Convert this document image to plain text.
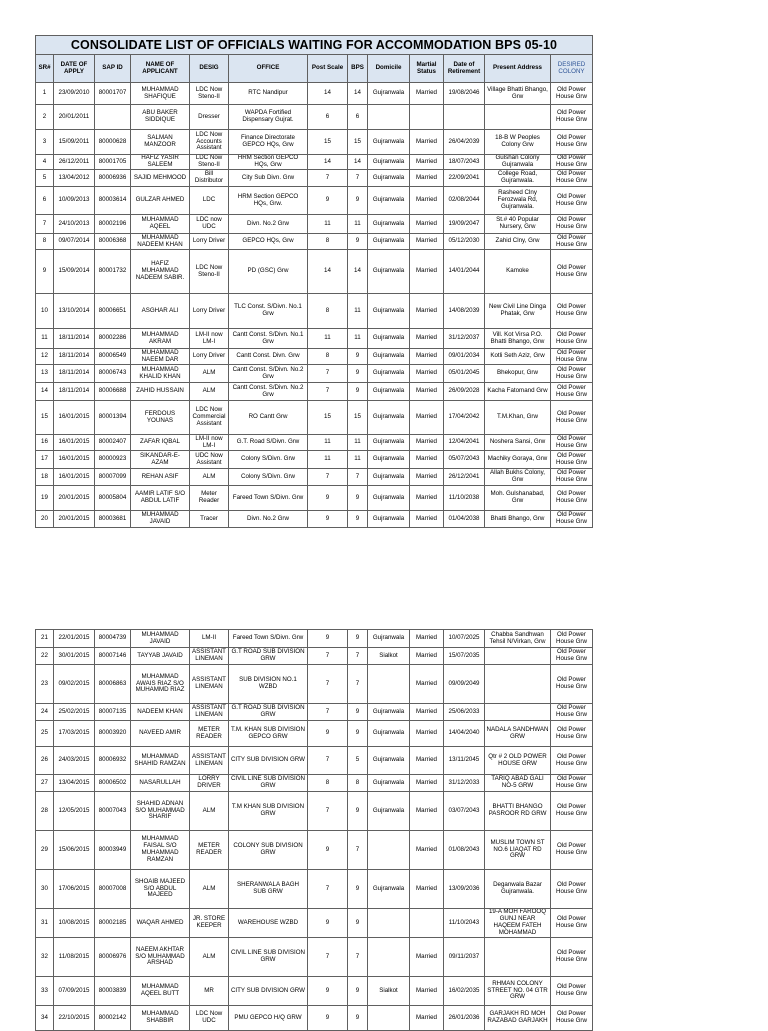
CONSOLIDATE LIST OF OFFICIALS WAITING FOR ACCOMMODATION BPS 05-10												
SR#	DATE OF APPLY	SAP ID	NAME OF APPLICANT	DESIG	OFFICE	Post Scale	BPS	Domicile	Martial Status	Date of Retirement	Present Address	DESIRED COLONY
1	23/09/2010	80001707	MUHAMMAD SHAFIQUE	LDC Now Steno-II	RTC Nandipur	14	14	Gujranwala	Married	19/08/2046	Village Bhatti Bhango, Grw	Old Power House Grw
2	20/01/2011		ABU BAKER SIDDIQUE	Dresser	WAPDA Fortified Dispensary Gujrat.	6	6					Old Power House Grw
3	15/09/2011	80000628	SALMAN MANZOOR	LDC Now Accounts Assistant	Finance Directorate GEPCO HQs, Grw	15	15	Gujranwala	Married	26/04/2039	18-B W Peoples Colony Grw	Old Power House Grw
4	26/12/2011	80001705	HAFIZ YASIR SALEEM	LDC Now Steno-II	HRM Section GEPCO HQs, Grw	14	14	Gujranwala	Married	18/07/2043	Gulshan Colony Gujranwala	Old Power House Grw
5	13/04/2012	80006936	SAJID MEHMOOD	Bill Distributor	City Sub Divn. Grw	7	7	Gujranwala	Married	22/09/2041	College Road, Gujranwala.	Old Power House Grw
6	10/09/2013	80003614	GULZAR AHMED	LDC	HRM Section GEPCO HQs, Grw.	9	9	Gujranwala	Married	02/08/2044	Rasheed Clny Ferozwala Rd, Gujranwala.	Old Power House Grw
7	24/10/2013	80002196	MUHAMMAD AQEEL	LDC now UDC	Divn. No.2 Grw	11	11	Gujranwala	Married	19/09/2047	St.# 40 Popular Nursery, Grw	Old Power House Grw
8	09/07/2014	80006368	MUHAMMAD NADEEM KHAN	Lorry Driver	GEPCO HQs, Grw	8	9	Gujranwala	Married	05/12/2030	Zahid Clny, Grw	Old Power House Grw
9	15/09/2014	80001732	HAFIZ MUHAMMAD NADEEM SABIR.	LDC Now Steno-II	PD (GSC) Grw	14	14	Gujranwala	Married	14/01/2044	Kamoke	Old Power House Grw
10	13/10/2014	80006651	ASGHAR ALI	Lorry Driver	TLC Const. S/Divn. No.1 Grw	8	11	Gujranwala	Married	14/08/2039	New Civil Line Dinga Phatak, Grw	Old Power House Grw
11	18/11/2014	80002286	MUHAMMAD AKRAM	LM-II now LM-I	Cantt Const. S/Divn. No.1 Grw	11	11	Gujranwala	Married	31/12/2037	Vill. Kot Virsa P.O. Bhatti Bhango, Grw	Old Power House Grw
12	18/11/2014	80006549	MUHAMMAD NAEEM DAR	Lorry Driver	Cantt Const. Divn. Grw	8	9	Gujranwala	Married	09/01/2034	Kotli Seth Aziz, Grw	Old Power House Grw
13	18/11/2014	80006743	MUHAMMAD KHALID KHAN	ALM	Cantt Const. S/Divn. No.2 Grw	7	9	Gujranwala	Married	05/01/2045	Bhekopur, Grw	Old Power House Grw
14	18/11/2014	80006688	ZAHID HUSSAIN	ALM	Cantt Const. S/Divn. No.2 Grw	7	9	Gujranwala	Married	26/09/2028	Kacha Fatomand Grw	Old Power House Grw
15	16/01/2015	80001394	FERDOUS YOUNAS	LDC Now Commercial Assistant	RO Cantt Grw	15	15	Gujranwala	Married	17/04/2042	T.M.Khan, Grw	Old Power House Grw
16	16/01/2015	80002407	ZAFAR IQBAL	LM-II now LM-I	G.T. Road S/Divn. Grw	11	11	Gujranwala	Married	12/04/2041	Noshera Sansi, Grw	Old Power House Grw
17	16/01/2015	80000923	SIKANDAR-E-AZAM	UDC Now Assistant	Colony S/Divn. Grw	11	11	Gujranwala	Married	05/07/2043	Machiky Goraya, Grw	Old Power House Grw
18	16/01/2015	80007099	REHAN ASIF	ALM	Colony S/Divn. Grw	7	7	Gujranwala	Married	26/12/2041	Allah Bukhs Colony, Grw	Old Power House Grw
19	20/01/2015	80005804	AAMIR LATIF S/O ABDUL LATIF	Meter Reader	Fareed Town S/Divn. Grw	9	9	Gujranwala	Married	11/10/2038	Moh. Gulshanabad, Grw	Old Power House Grw
20	20/01/2015	80003681	MUHAMMAD JAVAID	Tracer	Divn. No.2 Grw	9	9	Gujranwala	Married	01/04/2038	Bhatti Bhango, Grw	Old Power House Grw
21	22/01/2015	80004739	MUHAMMAD JAVAID	LM-II	Fareed Town S/Divn. Grw	9	9	Gujranwala	Married	10/07/2025	Chabba Sandhwan Tehsil N/Virkan, Grw	Old Power House Grw
22	30/01/2015	80007146	TAYYAB JAVAID	ASSISTANT LINEMAN	G.T ROAD SUB DIVISION GRW	7	7	Sialkot	Married	15/07/2035		Old Power House Grw
23	09/02/2015	80006863	MUHAMMAD AWAIS RIAZ S/O MUHAMMD RIAZ	ASSISTANT LINEMAN	SUB DIVISION NO.1 WZBD	7	7		Married	09/09/2049		Old Power House Grw
24	25/02/2015	80007135	NADEEM KHAN	ASSISTANT LINEMAN	G.T ROAD SUB DIVISION GRW	7	9	Gujranwala	Married	25/06/2033		Old Power House Grw
25	17/03/2015	80003920	NAVEED AMIR	METER READER	T.M. KHAN SUB DIVISION GEPCO GRW	9	9	Gujranwala	Married	14/04/2040	NADALA SANDHWAN GRW	Old Power House Grw
26	24/03/2015	80006932	MUHAMMAD SHAHID RAMZAN	ASSISTANT LINEMAN	CITY SUB DIVISION GRW	7	5	Gujranwala	Married	13/11/2045	Qtr # 2 OLD POWER HOUSE GRW	Old Power House Grw
27	13/04/2015	80006502	NASARULLAH	LORRY DRIVER	CIVIL LINE SUB DIVISION GRW	8	8	Gujranwala	Married	31/12/2033	TARIQ ABAD GALI NO-5 GRW	Old Power House Grw
28	12/05/2015	80007043	SHAHID ADNAN S/O MUHAMMAD SHARIF	ALM	T.M KHAN SUB DIVISION GRW	7	9	Gujranwala	Married	03/07/2043	BHATTI BHANGO PASROOR RD GRW	Old Power House Grw
29	15/06/2015	80003949	MUHAMMAD FAISAL S/O MUHAMMAD RAMZAN	METER READER	COLONY SUB DIVISION GRW	9	7		Married	01/08/2043	MUSLIM TOWN ST NO.6 LIAQAT RD GRW	Old Power House Grw
30	17/06/2015	80007008	SHOAIB MAJEED S/O ABDUL MAJEED	ALM	SHERANWALA BAGH SUB GRW	7	9	Gujranwala	Married	13/09/2036	Deganwala Bazar Gujranwala.	Old Power House Grw
31	10/08/2015	80002185	WAQAR AHMED	JR. STORE KEEPER	WAREHOUSE WZBD	9	9			11/10/2043	19-A MOH FAROOQ GUNJ NEAR HAQEEM FATEH MOHAMMAD	Old Power House Grw
32	11/08/2015	80006976	NAEEM AKHTAR S/O MUHAMMAD ARSHAD	ALM	CIVIL LINE SUB DIVISION GRW	7	7		Married	09/11/2037		Old Power House Grw
33	07/09/2015	80003839	MUHAMMAD AQEEL BUTT	MR	CITY SUB DIVISION GRW	9	9	Sialkot	Married	16/02/2035	RHMAN COLONY STREET NO. 04 GTR GRW	Old Power House Grw
34	22/10/2015	80002142	MUHAMMAD SHABBIR	LDC Now UDC	PMU GEPCO H/Q GRW	9	9		Married	26/01/2036	GARJAKH RD MOH RAZABAD GARJAKH	Old Power House Grw
